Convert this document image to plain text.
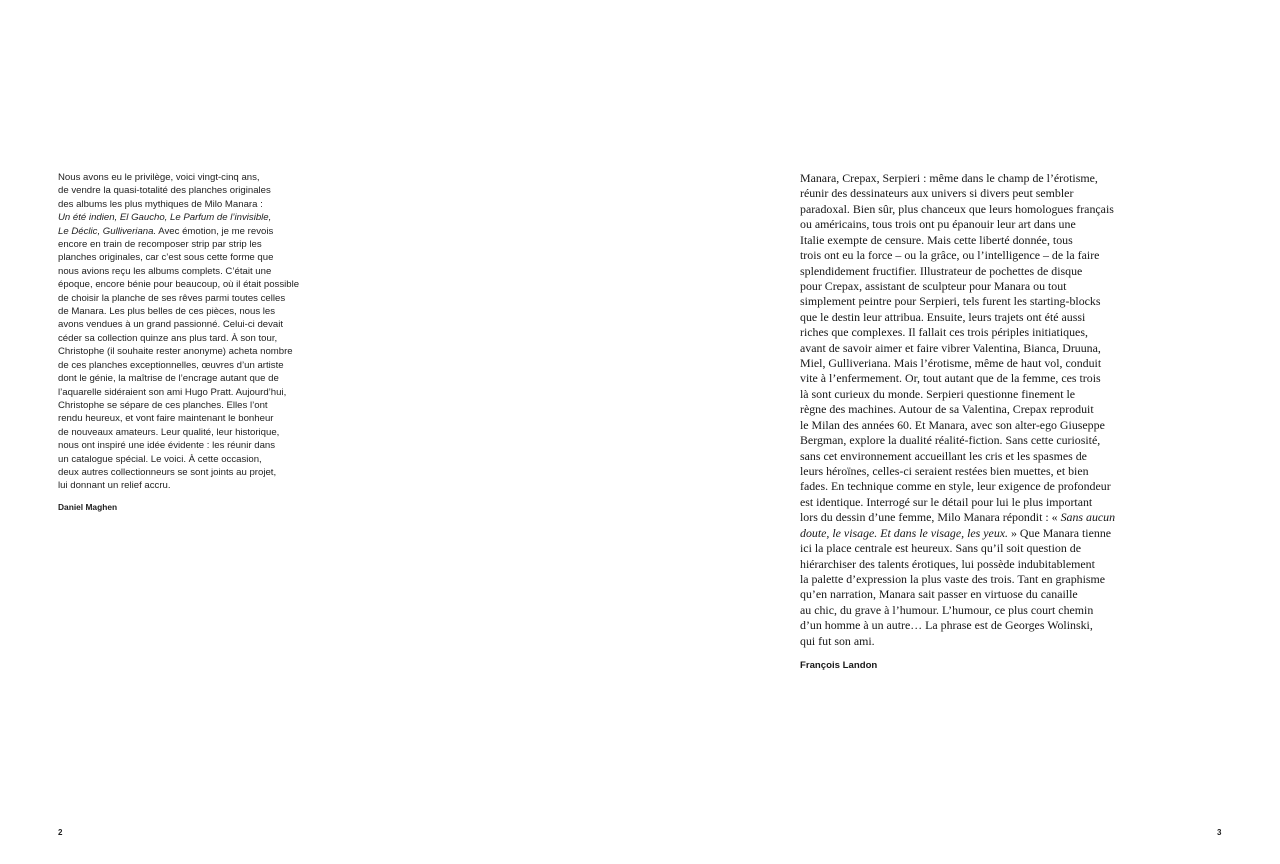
Nous avons eu le privilège, voici vingt-cinq ans,
de vendre la quasi-totalité des planches originales
des albums les plus mythiques de Milo Manara :
Un été indien, El Gaucho, Le Parfum de l’invisible,
Le Déclic, Gulliveriana. Avec émotion, je me revois
encore en train de recomposer strip par strip les
planches originales, car c’est sous cette forme que
nous avions reçu les albums complets. C’était une
époque, encore bénie pour beaucoup, où il était possible
de choisir la planche de ses rêves parmi toutes celles
de Manara. Les plus belles de ces pièces, nous les
avons vendues à un grand passionné. Celui-ci devait
céder sa collection quinze ans plus tard. À son tour,
Christophe (il souhaite rester anonyme) acheta nombre
de ces planches exceptionnelles, œuvres d’un artiste
dont le génie, la maîtrise de l’encrage autant que de
l’aquarelle sidéraient son ami Hugo Pratt. Aujourd’hui,
Christophe se sépare de ces planches. Elles l’ont
rendu heureux, et vont faire maintenant le bonheur
de nouveaux amateurs. Leur qualité, leur historique,
nous ont inspiré une idée évidente : les réunir dans
un catalogue spécial. Le voici. À cette occasion,
deux autres collectionneurs se sont joints au projet,
lui donnant un relief accru.
Daniel Maghen
2
Manara, Crepax, Serpieri : même dans le champ de l’érotisme,
réunir des dessinateurs aux univers si divers peut sembler
paradoxal. Bien sûr, plus chanceux que leurs homologues français
ou américains, tous trois ont pu épanouir leur art dans une
Italie exempte de censure. Mais cette liberté donnée, tous
trois ont eu la force – ou la grâce, ou l’intelligence – de la faire
splendidement fructifier. Illustrateur de pochettes de disque
pour Crepax, assistant de sculpteur pour Manara ou tout
simplement peintre pour Serpieri, tels furent les starting-blocks
que le destin leur attribua. Ensuite, leurs trajets ont été aussi
riches que complexes. Il fallait ces trois périples initiatiques,
avant de savoir aimer et faire vibrer Valentina, Bianca, Druuna,
Miel, Gulliveriana. Mais l’érotisme, même de haut vol, conduit
vite à l’enfermement. Or, tout autant que de la femme, ces trois
là sont curieux du monde. Serpieri questionne finement le
règne des machines. Autour de sa Valentina, Crepax reproduit
le Milan des années 60. Et Manara, avec son alter-ego Giuseppe
Bergman, explore la dualité réalité-fiction. Sans cette curiosité,
sans cet environnement accueillant les cris et les spasmes de
leurs héroïnes, celles-ci seraient restées bien muettes, et bien
fades. En technique comme en style, leur exigence de profondeur
est identique. Interrogé sur le détail pour lui le plus important
lors du dessin d’une femme, Milo Manara répondit : « Sans aucun
doute, le visage. Et dans le visage, les yeux. » Que Manara tienne
ici la place centrale est heureux. Sans qu’il soit question de
hiérarchiser des talents érotiques, lui possède indubitablement
la palette d’expression la plus vaste des trois. Tant en graphisme
qu’en narration, Manara sait passer en virtuose du canaille
au chic, du grave à l’humour. L’humour, ce plus court chemin
d’un homme à un autre… La phrase est de Georges Wolinski,
qui fut son ami.
François Landon
3
